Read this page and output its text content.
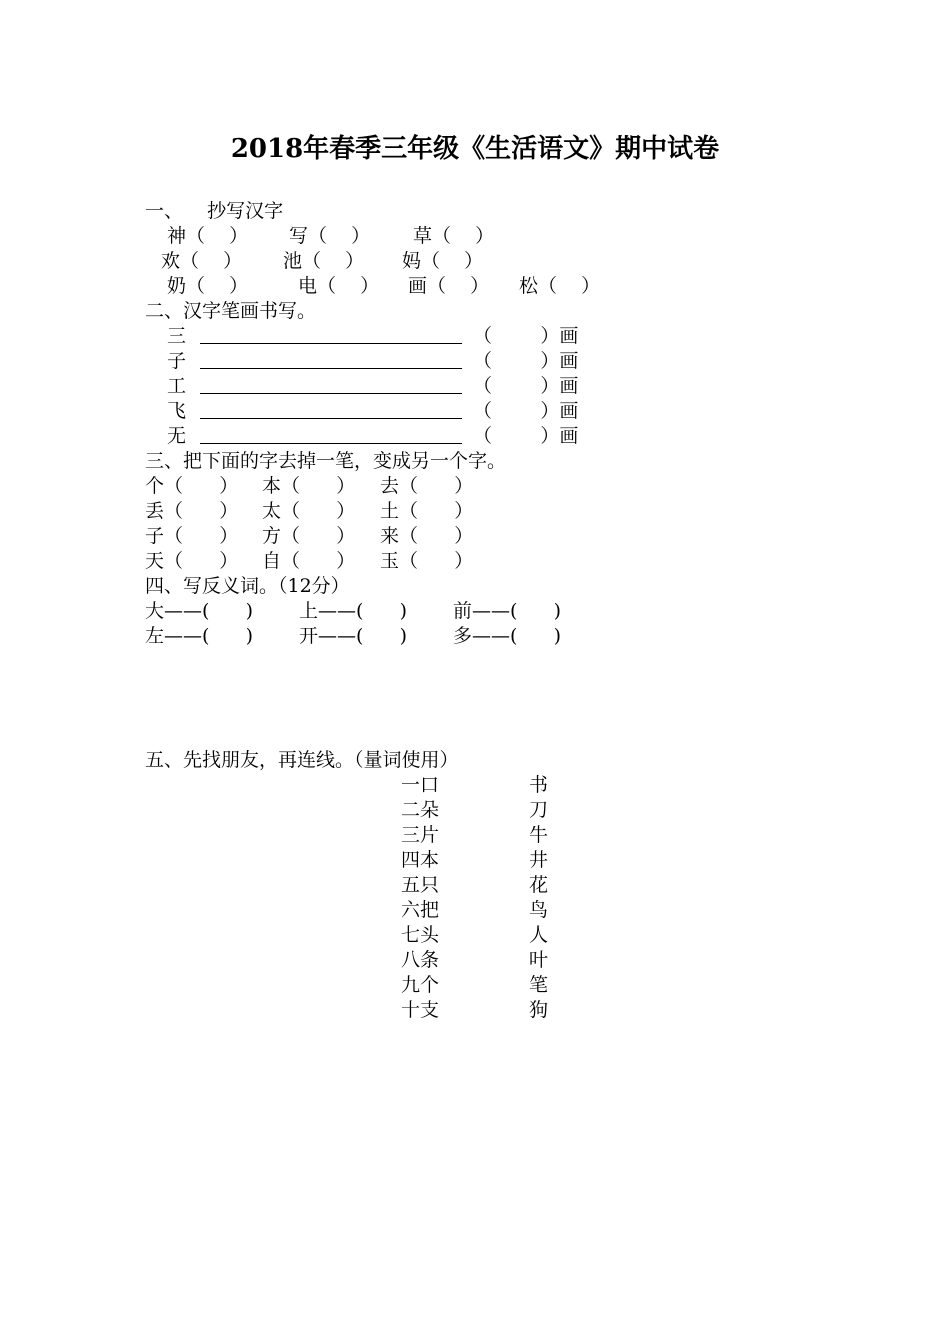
2018年春季三年级《生活语文》期中试卷
一、    抄写汉字
神（    ） 写（    ） 草（    ）
欢（    ） 池（    ） 妈（    ）
奶（    ）	电（    ） 画（    ） 松（    ）
二、汉字笔画书写。
三	（        ）画
子	（        ）画
工	（        ）画
飞	（        ）画
无	（        ）画
三、把下面的字去掉一笔，变成另一个字。
个（      ） 本（      ） 去（      ）
丢（      ） 太（      ） 土（      ）
子（      ） 方（      ） 来（      ）
天（      ） 自（      ） 玉（      ）
四、写反义词。（12分）
大——(      ) 上——(      ) 前——(      )
左——(      ) 开——(      ) 多——(      )
五、先找朋友，再连线。（量词使用）
一口	书
二朵	刀
三片	牛
四本	井
五只	花
六把	鸟
七头	人
八条	叶
九个	笔
十支	狗
